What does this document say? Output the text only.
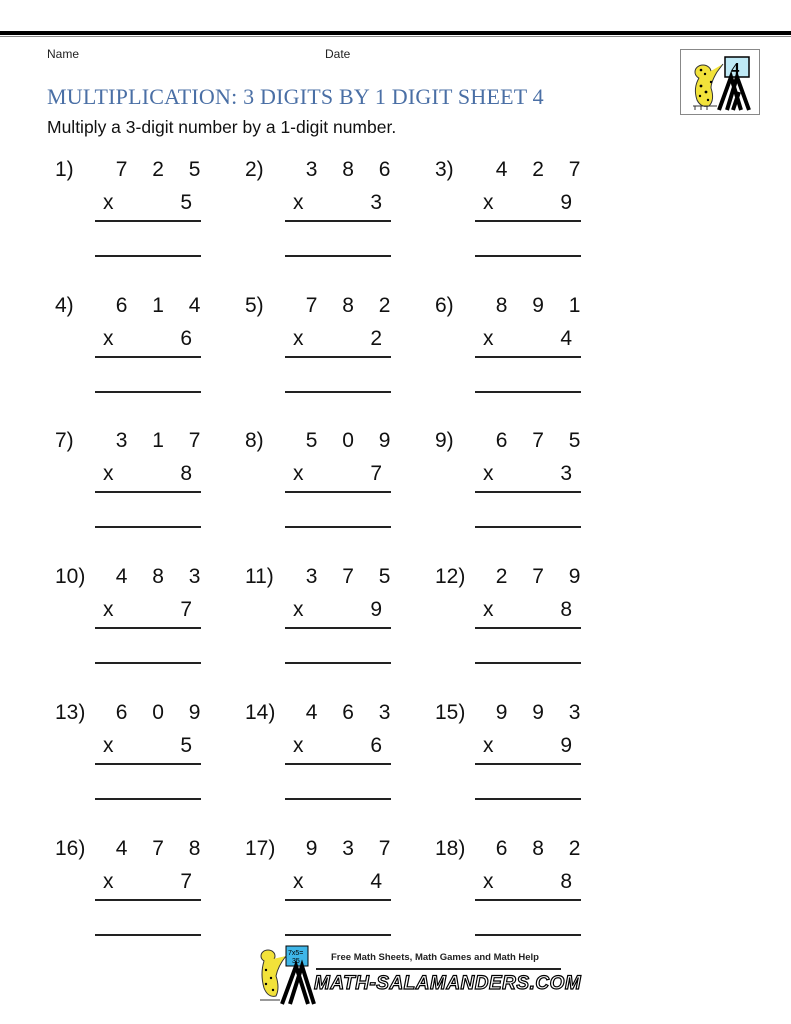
Name	Date
MULTIPLICATION: 3 DIGITS BY 1 DIGIT SHEET 4
Multiply a 3-digit number by a 1-digit number.
4
1) 7 2 5
x	5
2) 3 8 6
x	3
3) 4 2 7
x	9
4) 6 1 4
x	6
5) 7 8 2
x	2
6) 8 9 1
x	4
7) 3 1 7
x	8
8) 5 0 9
x	7
9) 6 7 5
x	3
10) 4 8 3
x	7
11) 3 7 5
x	9
12) 2 7 9
x	8
13) 6 0 9
x	5
14) 4 6 3
x	6
15) 9 9 3
x	9
16) 4 7 8
x	7
17) 9 3 7
x	4
18) 6 8 2
x	8
7x5=
35	Free Math Sheets, Math Games and Math Help
MATH-SALAMANDERS.COM
